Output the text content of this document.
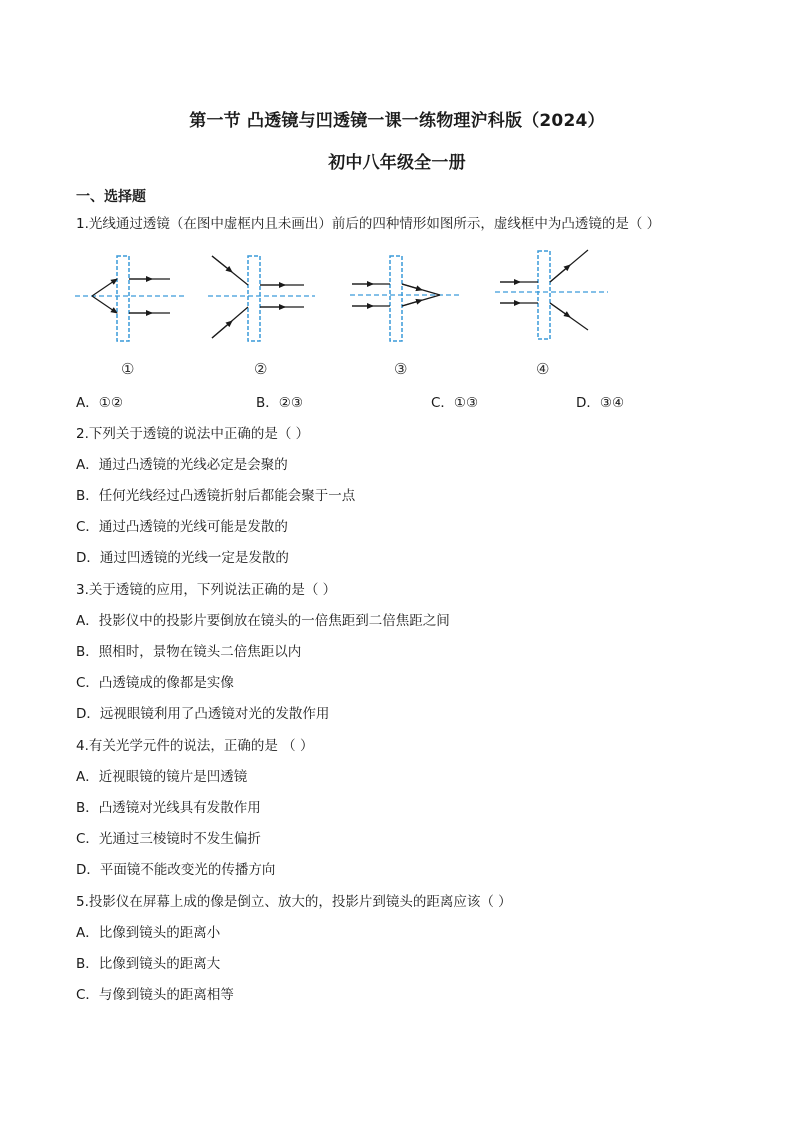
第一节 凸透镜与凹透镜一课一练物理沪科版（2024）
初中八年级全一册
一、选择题
1.光线通过透镜（在图中虚框内且未画出）前后的四种情形如图所示，虚线框中为凸透镜的是（ ）
①	②	③	④
A．①②	B．②③	C．①③	D．③④
2.下列关于透镜的说法中正确的是（ ）
A．通过凸透镜的光线必定是会聚的
B．任何光线经过凸透镜折射后都能会聚于一点
C．通过凸透镜的光线可能是发散的
D．通过凹透镜的光线一定是发散的
3.关于透镜的应用，下列说法正确的是（ ）
A．投影仪中的投影片要倒放在镜头的一倍焦距到二倍焦距之间
B．照相时，景物在镜头二倍焦距以内
C．凸透镜成的像都是实像
D．远视眼镜利用了凸透镜对光的发散作用
4.有关光学元件的说法，正确的是 （ ）
A．近视眼镜的镜片是凹透镜
B．凸透镜对光线具有发散作用
C．光通过三棱镜时不发生偏折
D．平面镜不能改变光的传播方向
5.投影仪在屏幕上成的像是倒立、放大的，投影片到镜头的距离应该（ ）
A．比像到镜头的距离小
B．比像到镜头的距离大
C．与像到镜头的距离相等
